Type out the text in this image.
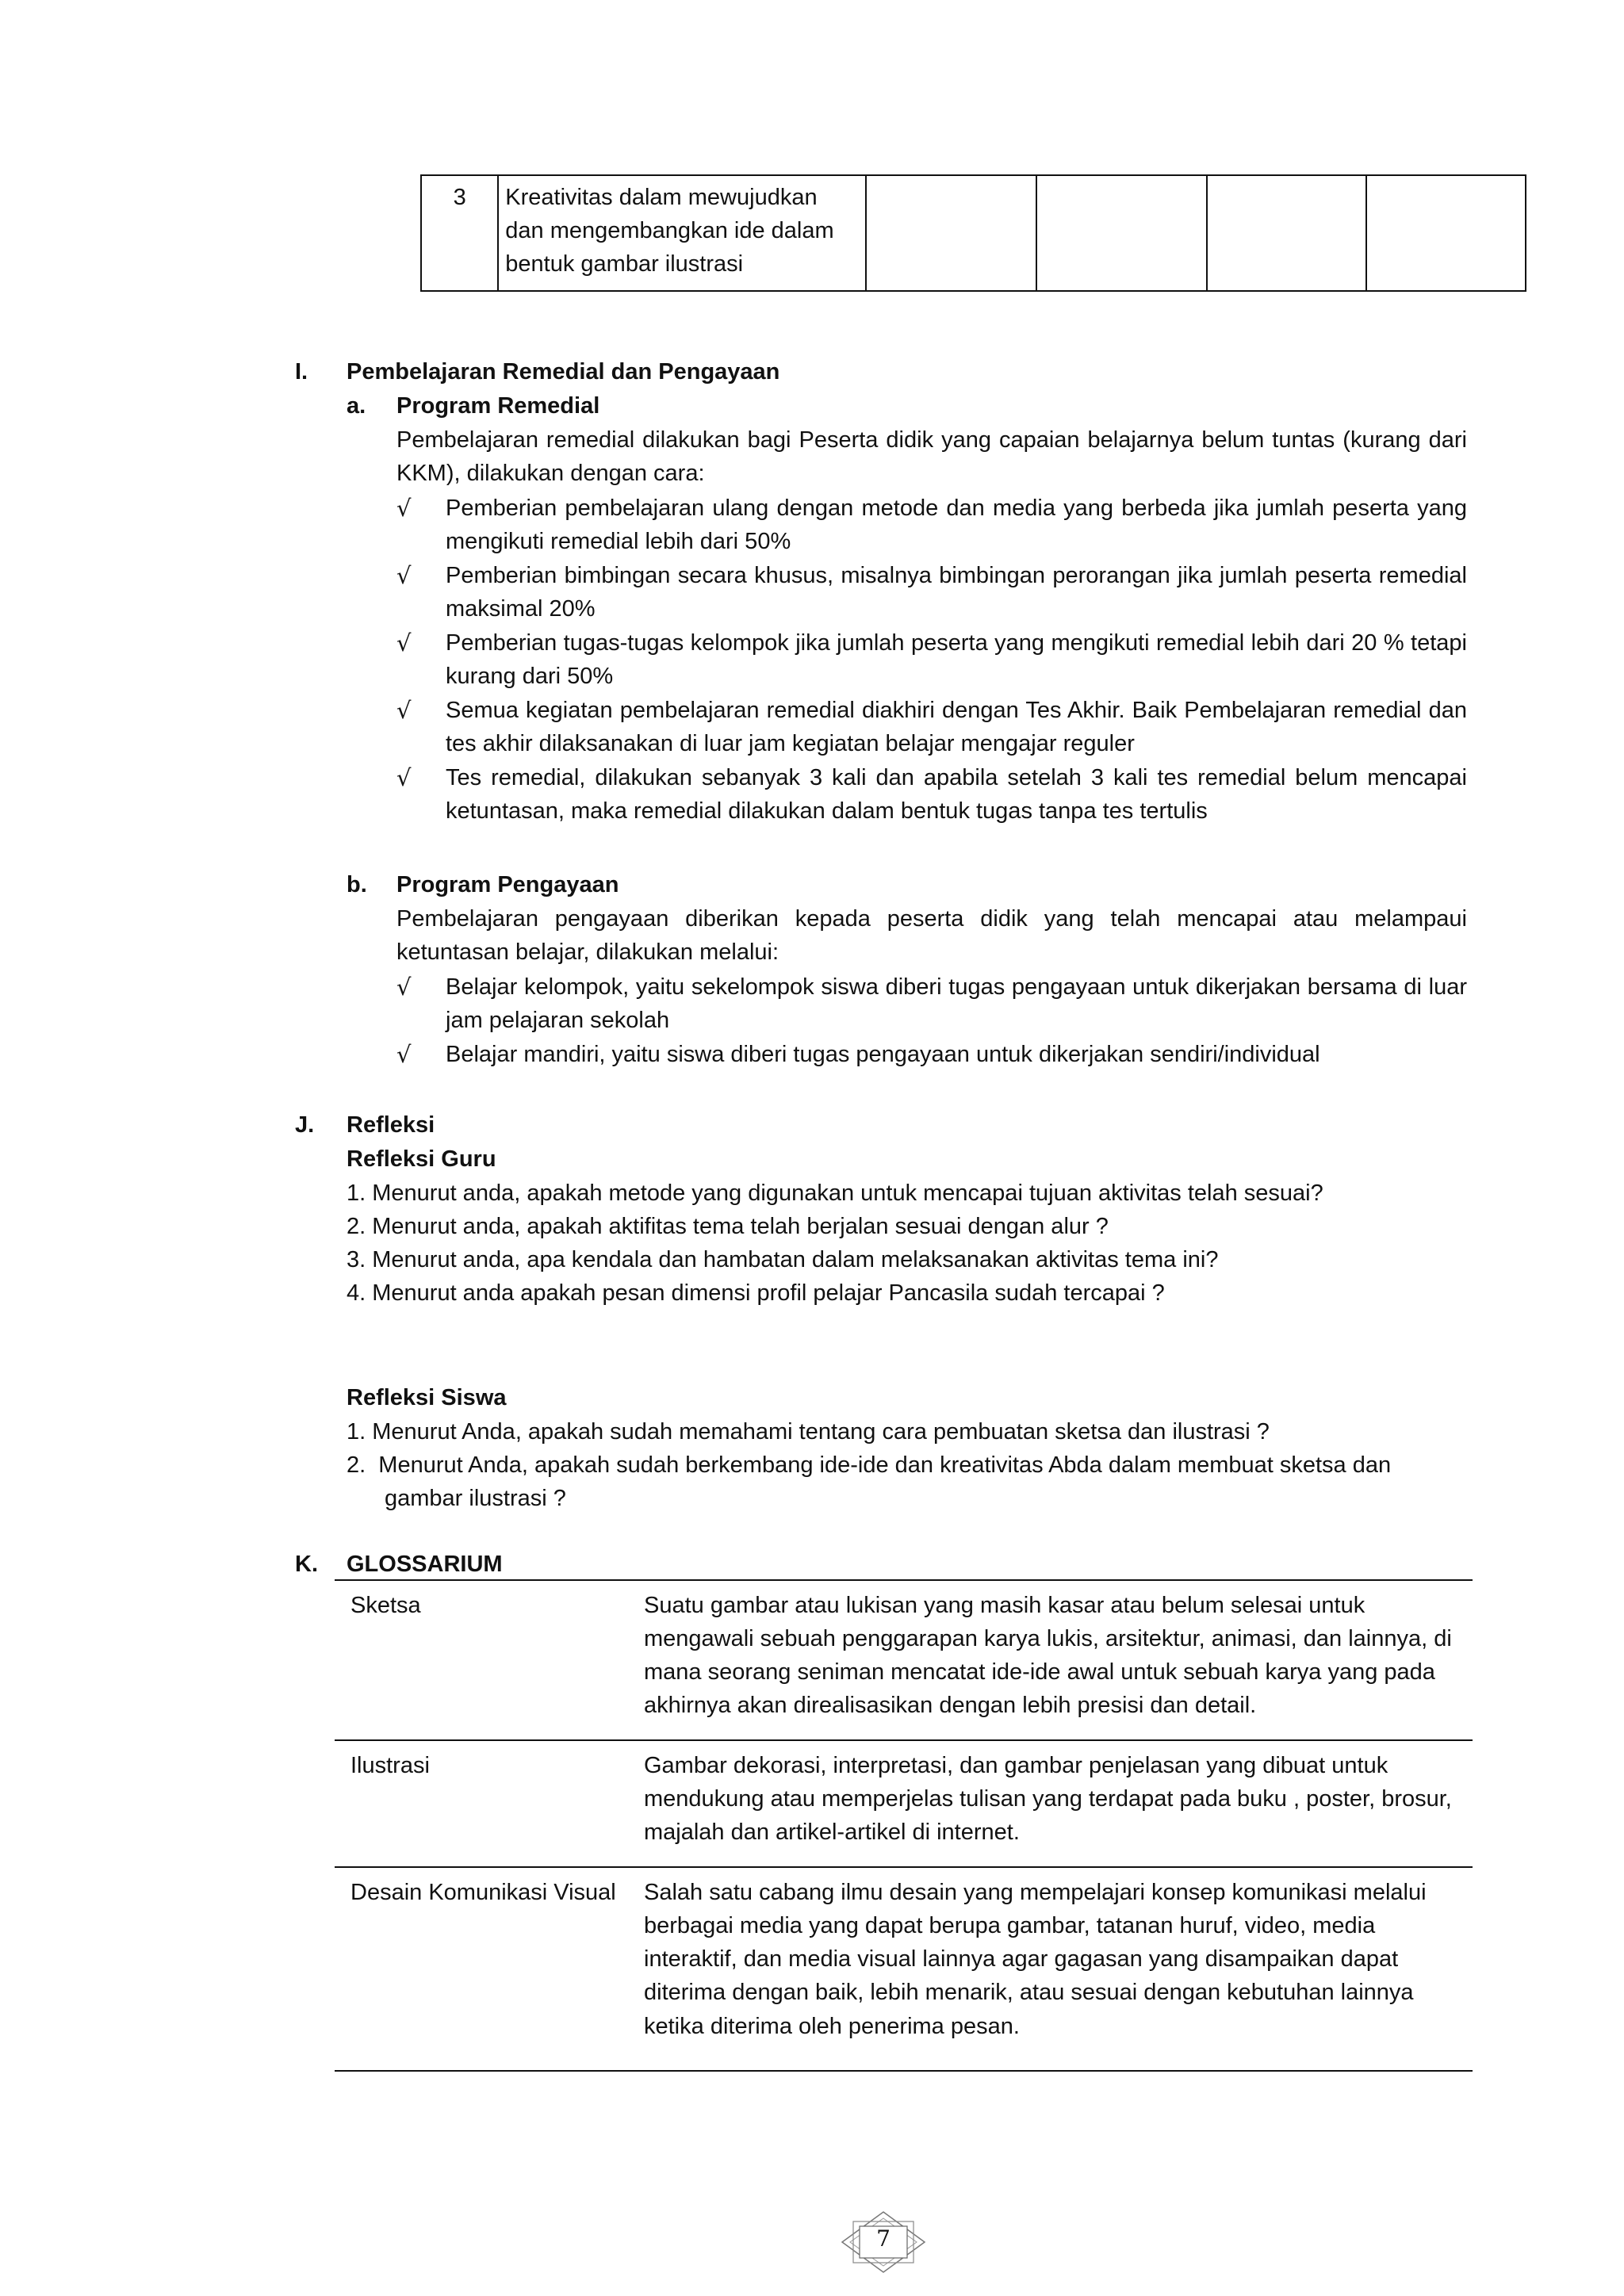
3	Kreativitas dalam mewujudkan dan mengembangkan ide dalam bentuk gambar ilustrasi				
I. Pembelajaran Remedial dan Pengayaan
a. Program Remedial
Pembelajaran remedial dilakukan bagi Peserta didik yang capaian belajarnya belum tuntas (kurang dari KKM), dilakukan dengan cara:
√ Pemberian pembelajaran ulang dengan metode dan media yang berbeda jika jumlah peserta yang mengikuti remedial lebih dari 50%
√ Pemberian bimbingan secara khusus, misalnya bimbingan perorangan jika jumlah peserta remedial maksimal 20%
√ Pemberian tugas-tugas kelompok jika jumlah peserta yang mengikuti remedial lebih dari 20 % tetapi kurang dari 50%
√ Semua kegiatan pembelajaran remedial diakhiri dengan Tes Akhir. Baik Pembelajaran remedial dan tes akhir dilaksanakan di luar jam kegiatan belajar mengajar reguler
√ Tes remedial, dilakukan sebanyak 3 kali dan apabila setelah 3 kali tes remedial belum mencapai ketuntasan, maka remedial dilakukan dalam bentuk tugas tanpa tes tertulis
b. Program Pengayaan
Pembelajaran pengayaan diberikan kepada peserta didik yang telah mencapai atau melampaui ketuntasan belajar, dilakukan melalui:
√ Belajar kelompok, yaitu sekelompok siswa diberi tugas pengayaan untuk dikerjakan bersama di luar jam pelajaran sekolah
√ Belajar mandiri, yaitu siswa diberi tugas pengayaan untuk dikerjakan sendiri/individual
J. Refleksi
Refleksi Guru
1. Menurut anda, apakah metode yang digunakan untuk mencapai tujuan aktivitas telah sesuai?
2. Menurut anda, apakah aktifitas tema telah berjalan sesuai dengan alur ?
3. Menurut anda, apa kendala dan hambatan dalam melaksanakan aktivitas tema ini?
4. Menurut anda apakah pesan dimensi profil pelajar Pancasila sudah tercapai ?
Refleksi Siswa
1. Menurut Anda, apakah sudah memahami tentang cara pembuatan sketsa dan ilustrasi ?
2.  Menurut Anda, apakah sudah berkembang ide-ide dan kreativitas Abda dalam membuat sketsa dan gambar ilustrasi ?
K. GLOSSARIUM
Sketsa	Suatu gambar atau lukisan yang masih kasar atau belum selesai untuk mengawali sebuah penggarapan karya lukis, arsitektur, animasi, dan lainnya, di mana seorang seniman mencatat ide-ide awal untuk sebuah karya yang pada akhirnya akan direalisasikan dengan lebih presisi dan detail.
Ilustrasi	Gambar dekorasi, interpretasi, dan gambar penjelasan yang dibuat untuk mendukung atau memperjelas tulisan yang terdapat pada buku , poster, brosur, majalah dan artikel-artikel di internet.
Desain Komunikasi Visual	Salah satu cabang ilmu desain yang mempelajari konsep komunikasi melalui berbagai media yang dapat berupa gambar, tatanan huruf, video, media interaktif, dan media visual lainnya agar gagasan yang disampaikan dapat diterima dengan baik, lebih menarik, atau sesuai dengan kebutuhan lainnya ketika diterima oleh penerima pesan.
7
